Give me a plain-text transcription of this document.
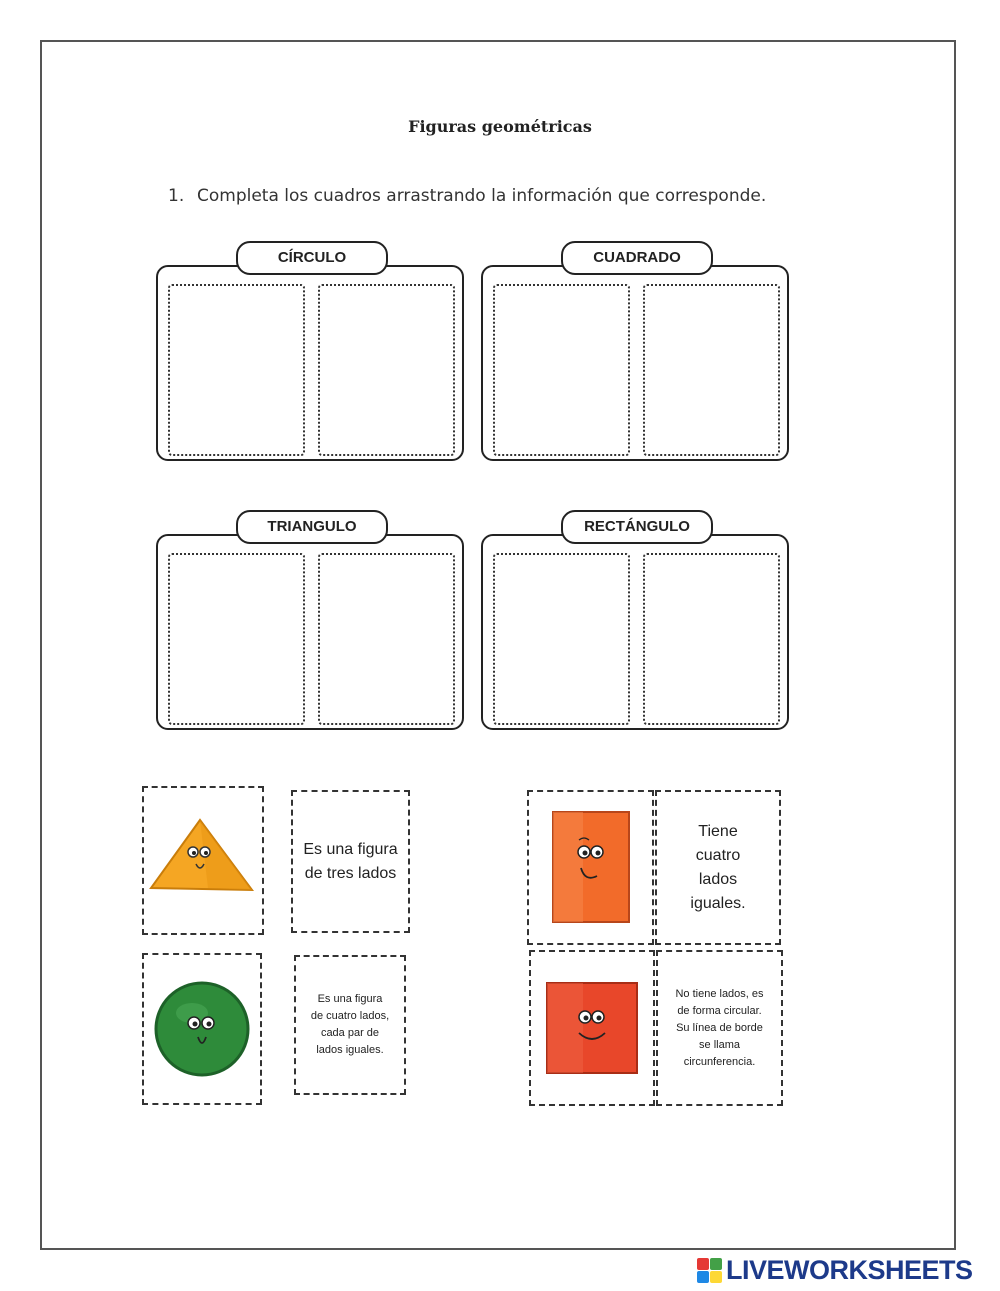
Figuras geométricas
1. Completa los cuadros arrastrando la información que corresponde.
CÍRCULO	CUADRADO
TRIANGULO	RECTÁNGULO
Es una figura de tres lados
Es una figura de cuatro lados, cada par de lados iguales.
Tiene cuatro lados iguales.
No tiene lados, es de forma circular. Su línea de borde se llama circunferencia.
LIVEWORKSHEETS
